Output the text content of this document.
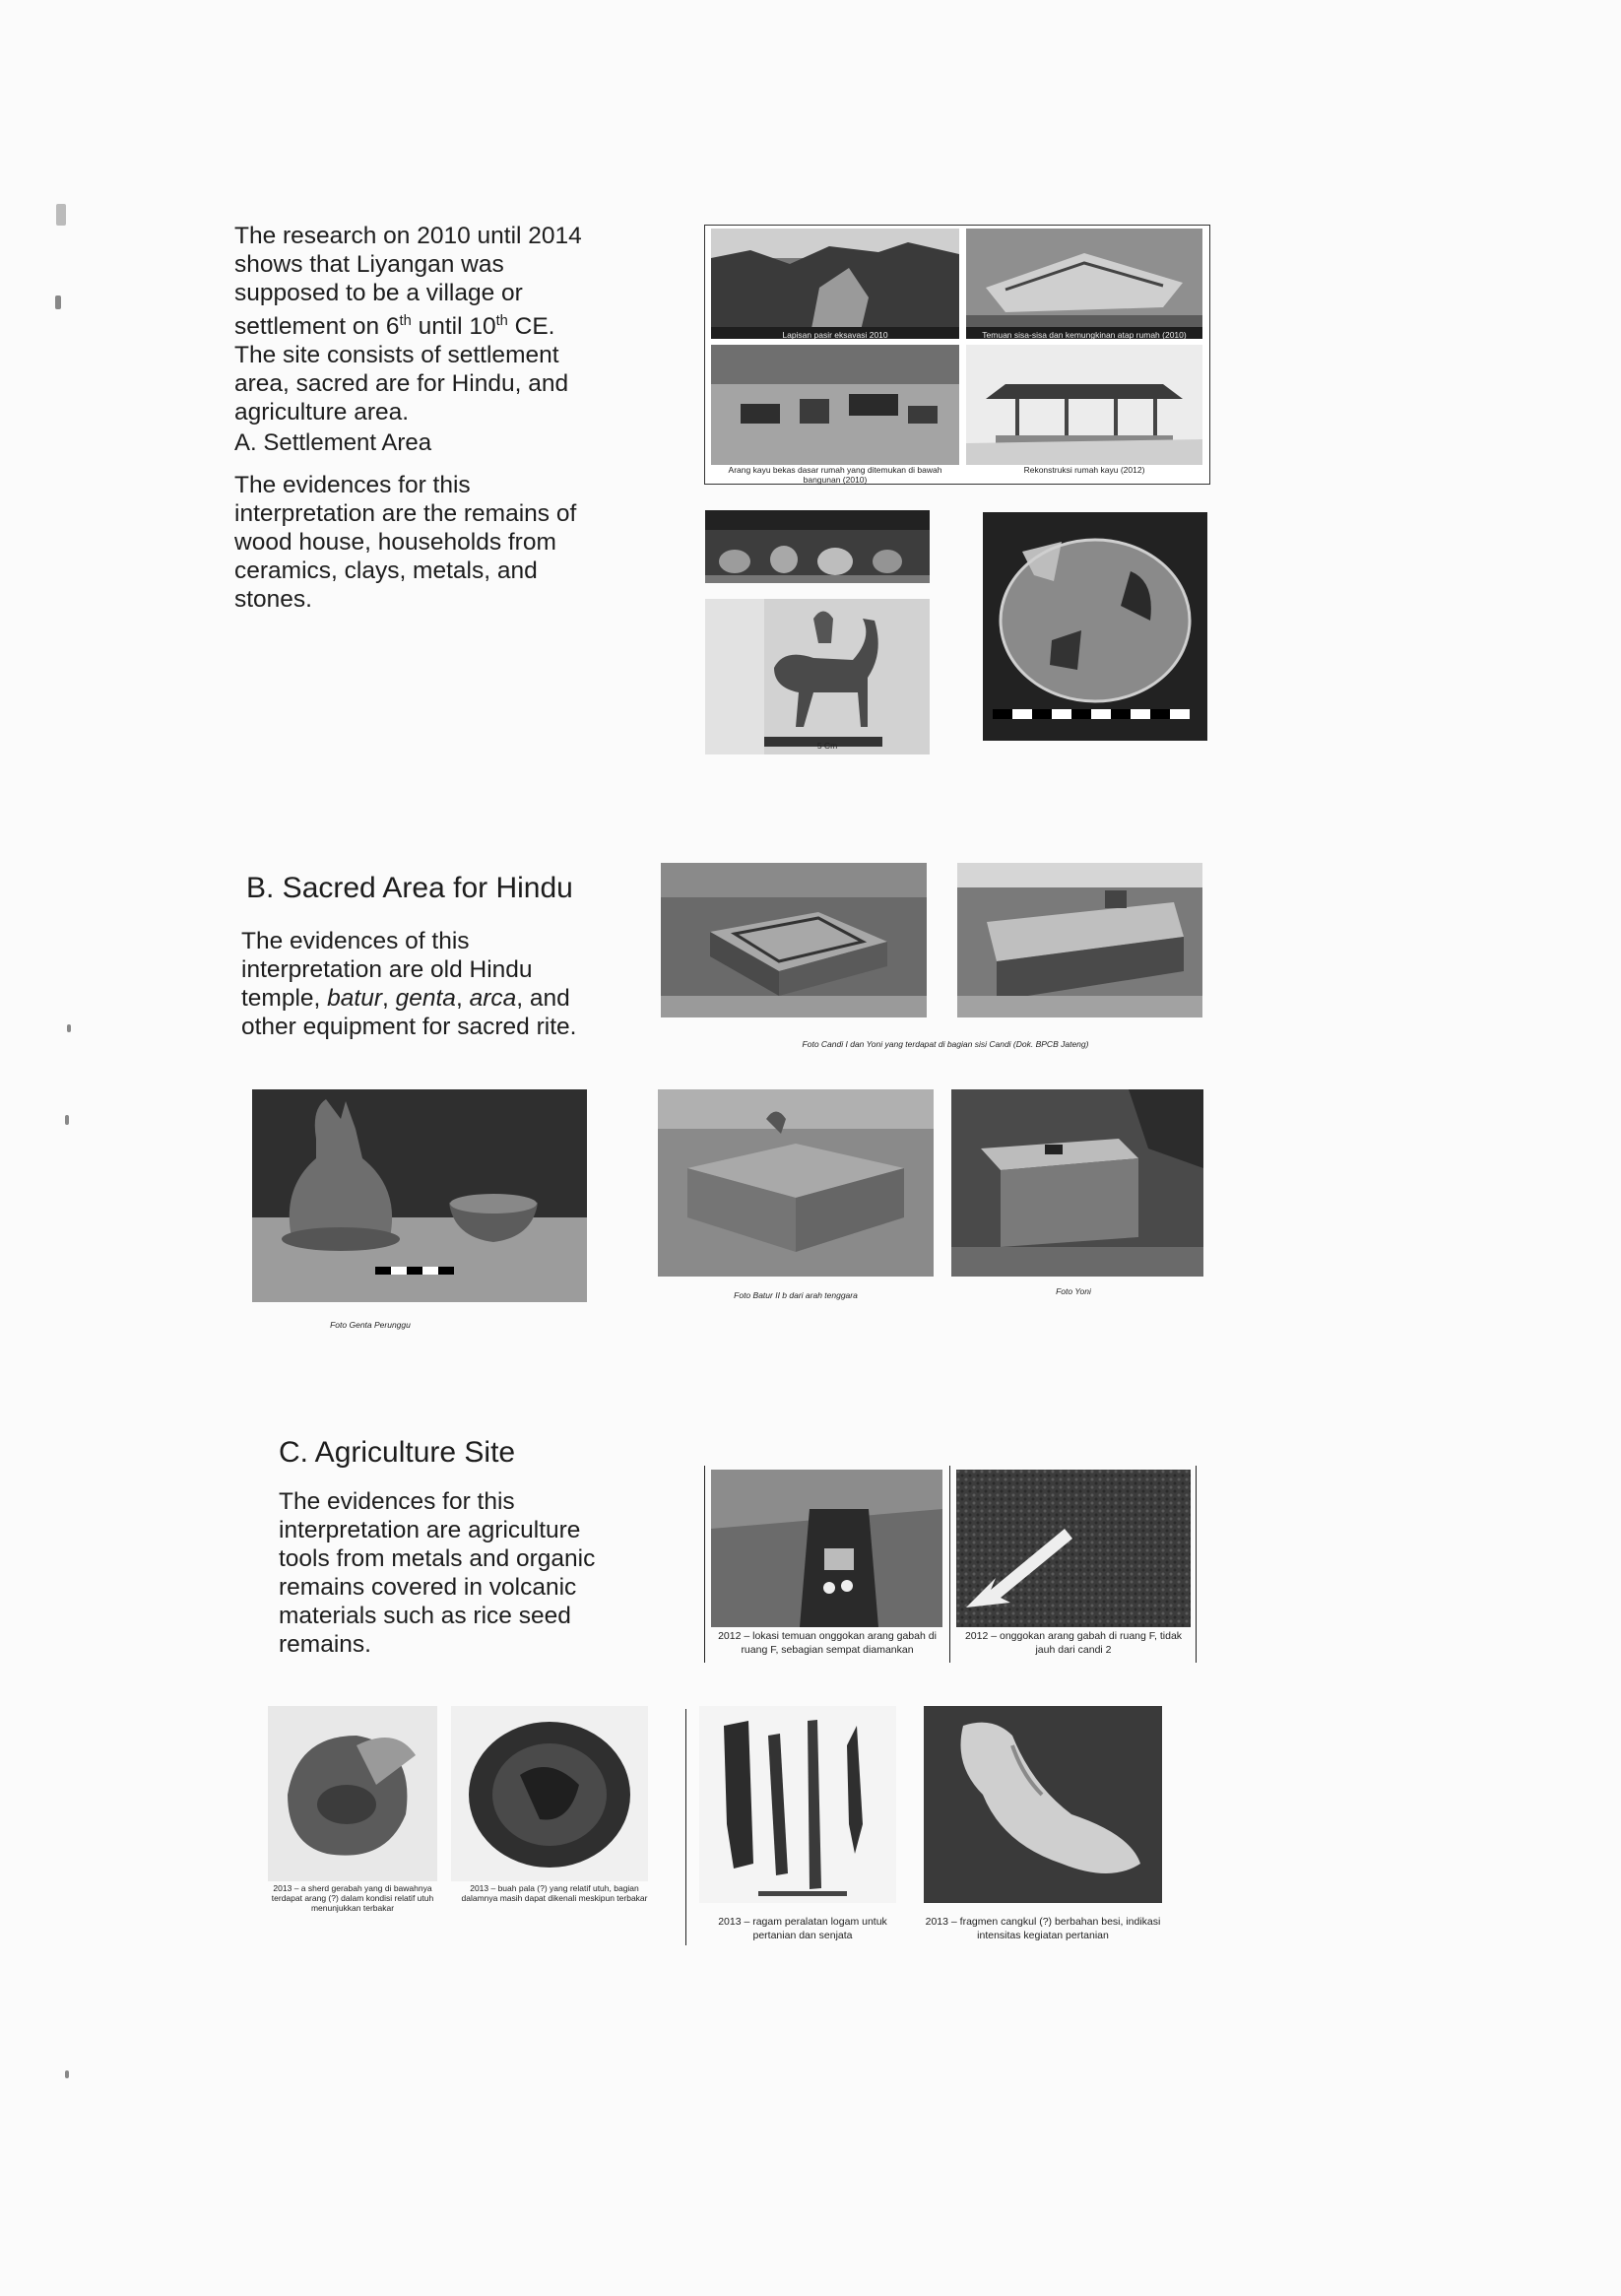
The research on 2010 until 2014

shows that Liyangan was

supposed to be a village or

settlement on 6th until 10th CE.

The site consists of settlement

area, sacred are for Hindu, and

agriculture area.

A. Settlement Area

The evidences for this

interpretation are the remains of

wood house, households from

ceramics, clays, metals, and

stones.

Lapisan pasir eksavasi 2010	Temuan sisa-sisa dan kemungkinan atap rumah (2010)
Arang kayu bekas dasar rumah yang ditemukan di bawah bangunan (2010)
Rekonstruksi rumah kayu (2012)
5 Cm
B. Sacred Area for Hindu

The evidences of this

interpretation are old Hindu

temple, batur, genta, arca, and

other equipment for sacred rite.

Foto Candi I dan Yoni yang terdapat di bagian sisi Candi (Dok. BPCB Jateng)
Foto Genta Perunggu
Foto Batur II b dari arah tenggara	Foto Yoni
C. Agriculture Site

The evidences for this

interpretation are agriculture

tools from metals and organic

remains covered in volcanic

materials such as rice seed

remains.	2012 – lokasi temuan onggokan arang gabah di ruang F, sebagian sempat diamankan
2012 – onggokan arang gabah di ruang F, tidak jauh dari candi 2
2013 – a sherd gerabah yang di bawahnya terdapat arang (?) dalam kondisi relatif utuh menunjukkan terbakar
2013 – buah pala (?) yang relatif utuh, bagian dalamnya masih dapat dikenali meskipun terbakar
2013 – ragam peralatan logam untuk pertanian dan senjata
2013 – fragmen cangkul (?) berbahan besi, indikasi intensitas kegiatan pertanian
